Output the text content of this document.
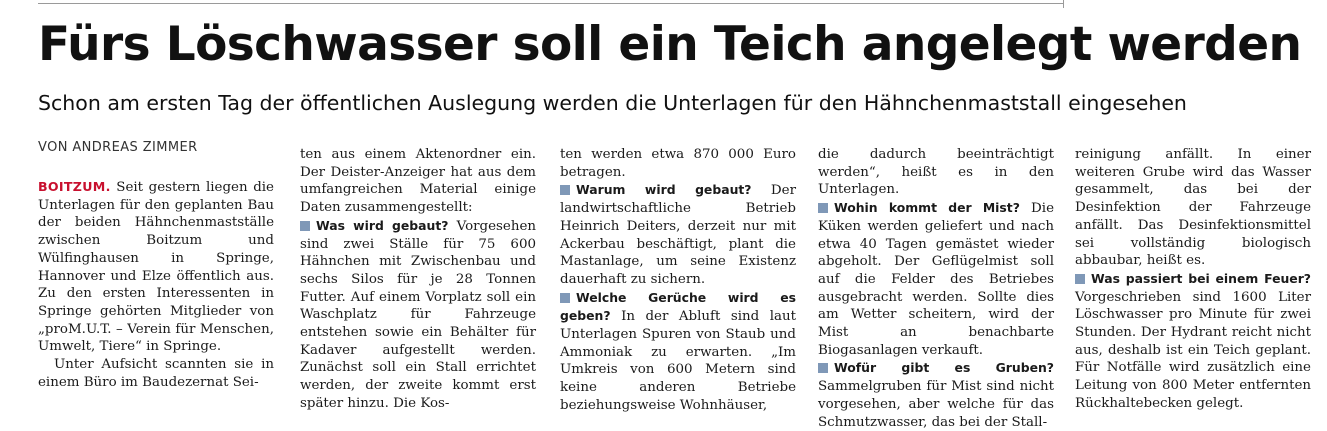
Fürs Löschwasser soll ein Teich angelegt werden
Schon am ersten Tag der öffentlichen Auslegung werden die Unterlagen für den Hähnchenmaststall eingesehen
VON ANDREAS ZIMMER

BOITZUM. Seit gestern liegen die Unterlagen für den geplanten Bau der beiden Hähnchenmastställe zwischen Boitzum und Wülfinghausen in Springe, Hannover und Elze öffentlich aus. Zu den ersten Interessenten in Springe gehörten Mitglieder von „proM.U.T. – Verein für Menschen, Umwelt, Tiere“ in Springe.

Unter Aufsicht scannten sie in einem Büro im Baudezernat Sei-

ten aus einem Aktenordner ein. Der Deister-Anzeiger hat aus dem umfangreichen Material einige Daten zusammengestellt:

Was wird gebaut? Vorgesehen sind zwei Ställe für 75 600 Hähnchen mit Zwischenbau und sechs Silos für je 28 Tonnen Futter. Auf einem Vorplatz soll ein Waschplatz für Fahrzeuge entstehen sowie ein Behälter für Kadaver aufgestellt werden. Zunächst soll ein Stall errichtet werden, der zweite kommt erst später hinzu. Die Kos-

ten werden etwa 870 000 Euro betragen.

Warum wird gebaut? Der landwirtschaftliche Betrieb Heinrich Deiters, derzeit nur mit Ackerbau beschäftigt, plant die Mastanlage, um seine Existenz dauerhaft zu sichern.

Welche Gerüche wird es geben? In der Abluft sind laut Unterlagen Spuren von Staub und Ammoniak zu erwarten. „Im Umkreis von 600 Metern sind keine anderen Betriebe beziehungsweise Wohnhäuser,

die dadurch beeinträchtigt werden“, heißt es in den Unterlagen.

Wohin kommt der Mist? Die Küken werden geliefert und nach etwa 40 Tagen gemästet wieder abgeholt. Der Geflügelmist soll auf die Felder des Betriebes ausgebracht werden. Sollte dies am Wetter scheitern, wird der Mist an benachbarte Biogasanlagen verkauft.

Wofür gibt es Gruben? Sammelgruben für Mist sind nicht vorgesehen, aber welche für das Schmutzwasser, das bei der Stall-

reinigung anfällt. In einer weiteren Grube wird das Wasser gesammelt, das bei der Desinfektion der Fahrzeuge anfällt. Das Desinfektionsmittel sei vollständig biologisch abbaubar, heißt es.

Was passiert bei einem Feuer? Vorgeschrieben sind 1600 Liter Löschwasser pro Minute für zwei Stunden. Der Hydrant reicht nicht aus, deshalb ist ein Teich geplant. Für Notfälle wird zusätzlich eine Leitung von 800 Meter entfernten Rückhaltebecken gelegt.
